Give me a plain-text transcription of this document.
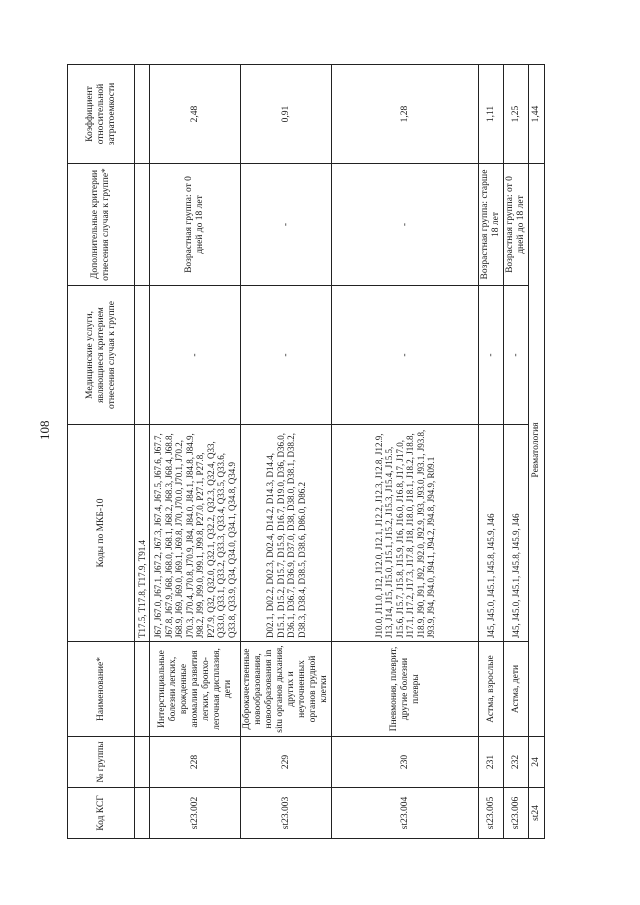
108
Код КСГ	№ группы	Наименование*	Коды по МКБ-10	Медицинские услуги, являющиеся критерием отнесения случая к группе	Дополнительные критерии отнесения случая к группе*	Коэффициент относительной затратоемкости
			T17.5, T17.8, T17.9, T91.4			
st23.002	228	Интерстициальные болезни легких, врожденные аномалии развития легких, бронхо-легочная дисплазия, дети	J67, J67.0, J67.1, J67.2, J67.3, J67.4, J67.5, J67.6, J67.7, J67.8, J67.9, J68, J68.0, J68.1, J68.2, J68.3, J68.4, J68.8, J68.9, J69, J69.0, J69.1, J69.8, J70, J70.0, J70.1, J70.2, J70.3, J70.4, J70.8, J70.9, J84, J84.0, J84.1, J84.8, J84.9, J98.2, J99, J99.0, J99.1, J99.8, P27.0, P27.1, P27.8, P27.9, Q32, Q32.0, Q32.1, Q32.2, Q32.3, Q32.4, Q33, Q33.0, Q33.1, Q33.2, Q33.3, Q33.4, Q33.5, Q33.6, Q33.8, Q33.9, Q34, Q34.0, Q34.1, Q34.8, Q34.9	-	Возрастная группа: от 0 дней до 18 лет	2,48
st23.003	229	Доброкачественные новообразования, новообразования in situ органов дыхания, других и неуточненных органов грудной клетки	D02.1, D02.2, D02.3, D02.4, D14.2, D14.3, D14.4, D15.1, D15.2, D15.7, D15.9, D16.7, D19.0, D36, D36.0, D36.1, D36.7, D36.9, D37.0, D38, D38.0, D38.1, D38.2, D38.3, D38.4, D38.5, D38.6, D86.0, D86.2	-	-	0,91
st23.004	230	Пневмония, плеврит, другие болезни плевры	J10.0, J11.0, J12, J12.0, J12.1, J12.2, J12.3, J12.8, J12.9, J13, J14, J15, J15.0, J15.1, J15.2, J15.3, J15.4, J15.5, J15.6, J15.7, J15.8, J15.9, J16, J16.0, J16.8, J17, J17.0, J17.1, J17.2, J17.3, J17.8, J18, J18.0, J18.1, J18.2, J18.8, J18.9, J90, J91, J92, J92.0, J92.9, J93, J93.0, J93.1, J93.8, J93.9, J94, J94.0, J94.1, J94.2, J94.8, J94.9, R09.1	-	-	1,28
st23.005	231	Астма, взрослые	J45, J45.0, J45.1, J45.8, J45.9, J46	-	Возрастная группа: старше 18 лет	1,11
st23.006	232	Астма, дети	J45, J45.0, J45.1, J45.8, J45.9, J46	-	Возрастная группа: от 0 дней до 18 лет	1,25
st24	24	Ревматология				1,44
